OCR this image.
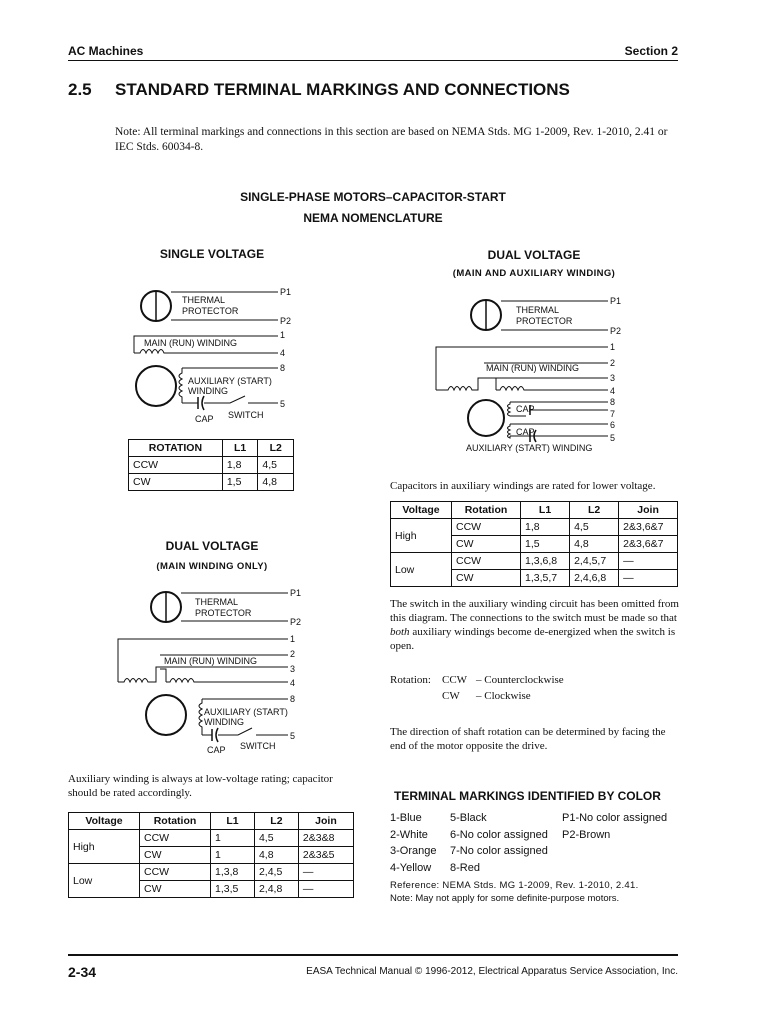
AC Machines	Section 2
2.5 STANDARD TERMINAL MARKINGS AND CONNECTIONS
Note: All terminal markings and connections in this section are based on NEMA Stds. MG 1-2009, Rev. 1-2010, 2.41 or IEC Stds. 60034-8.
SINGLE-PHASE MOTORS–CAPACITOR-START
NEMA NOMENCLATURE
SINGLE VOLTAGE
THERMAL
PROTECTOR
P1
P2
1
MAIN (RUN) WINDING
4
8
AUXILIARY (START)
WINDING
5
CAP SWITCH
ROTATION	L1	L2
CCW	1,8	4,5
CW	1,5	4,8
DUAL VOLTAGE
(MAIN WINDING ONLY)
THERMAL
PROTECTOR
P1
P2
1
2
MAIN (RUN) WINDING
3
4
8
AUXILIARY (START)
WINDING
5
CAP SWITCH
Auxiliary winding is always at low-voltage rating; capacitor should be rated accordingly.
Voltage	Rotation	L1	L2	Join
High	CCW	1	4,5	2&3&8
	CW	1	4,8	2&3&5
Low	CCW	1,3,8	2,4,5	—
	CW	1,3,5	2,4,8	—
DUAL VOLTAGE
(MAIN AND AUXILIARY WINDING)
THERMAL
PROTECTOR
P1
P2
1
2
MAIN (RUN) WINDING
3
4
8
CAP	7
6
CAP
5
AUXILIARY (START) WINDING
Capacitors in auxiliary windings are rated for lower voltage.
Voltage	Rotation	L1	L2	Join
High	CCW	1,8	4,5	2&3,6&7
	CW	1,5	4,8	2&3,6&7
Low	CCW	1,3,6,8	2,4,5,7	—
	CW	1,3,5,7	2,4,6,8	—
The switch in the auxiliary winding circuit has been omitted from this diagram. The connections to the switch must be made so that both auxiliary windings become de-energized when the switch is open.
Rotation: CCW – Counterclockwise
CW – Clockwise
The direction of shaft rotation can be determined by facing the end of the motor opposite the drive.
TERMINAL MARKINGS IDENTIFIED BY COLOR
1-Blue
2-White
3-Orange
4-Yellow
5-Black
6-No color assigned
7-No color assigned
8-Red
P1-No color assigned
P2-Brown
Reference: NEMA Stds. MG 1-2009, Rev. 1-2010, 2.41.
Note: May not apply for some definite-purpose motors.
2-34	EASA Technical Manual © 1996-2012, Electrical Apparatus Service Association, Inc.
